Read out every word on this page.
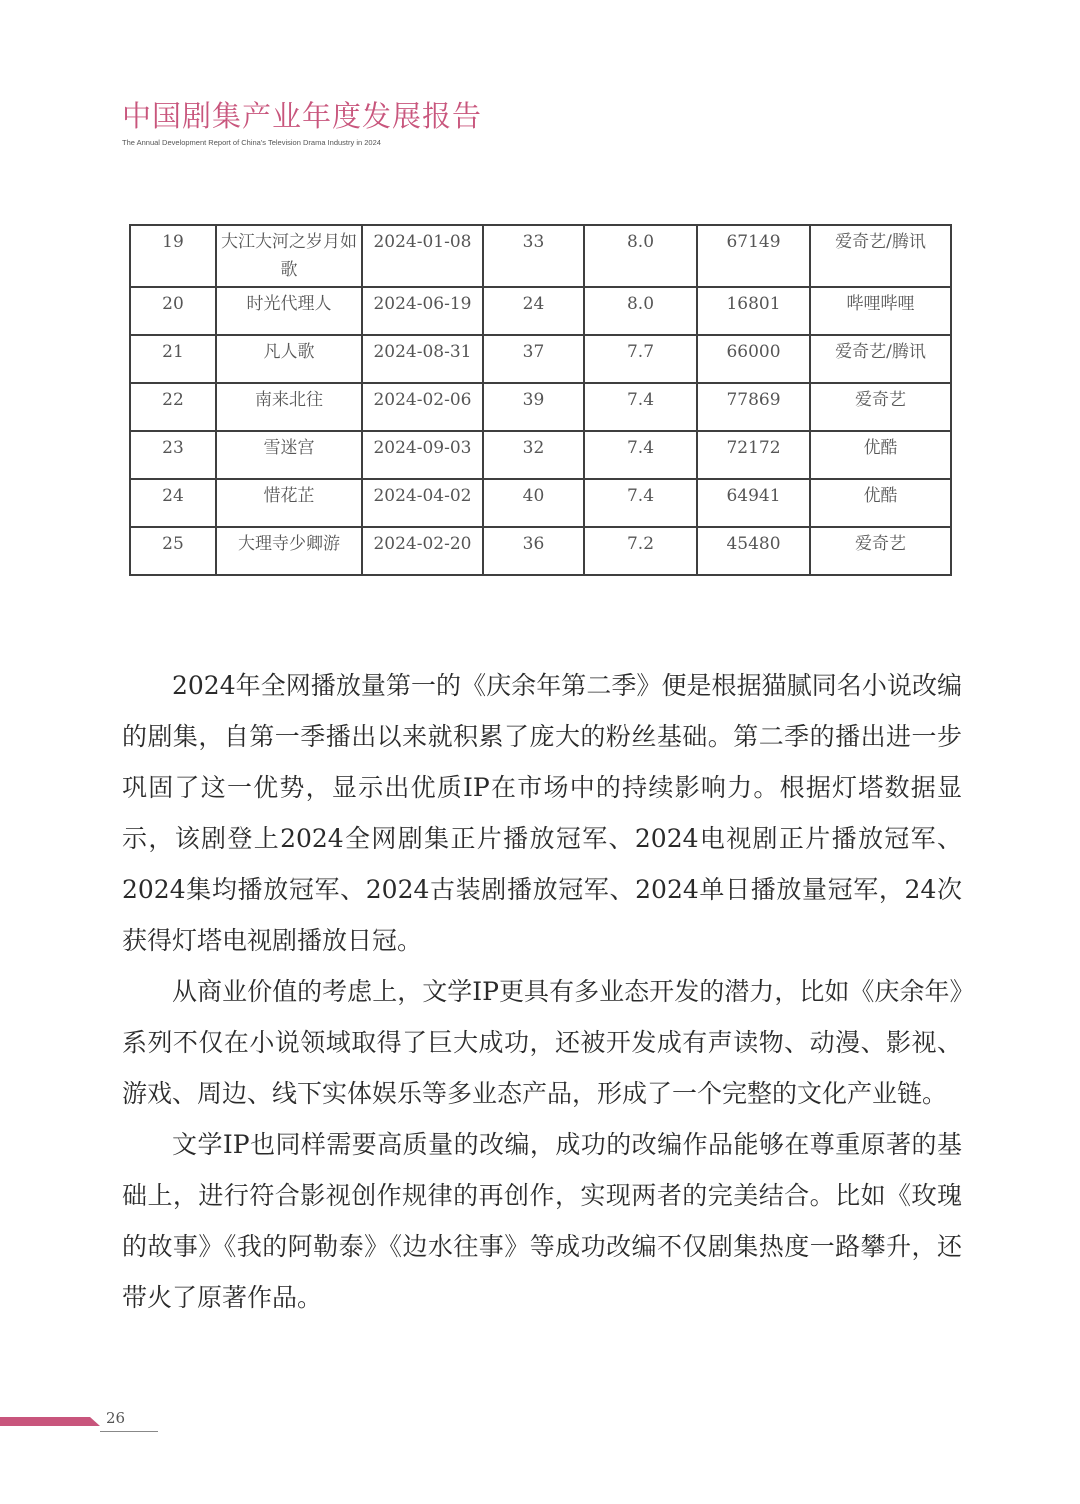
中国剧集产业年度发展报告
The Annual Development Report of China's Television Drama Industry in 2024
19	大江大河之岁月如歌	2024-01-08	33	8.0	67149	爱奇艺/腾讯
20	时光代理人	2024-06-19	24	8.0	16801	哔哩哔哩
21	凡人歌	2024-08-31	37	7.7	66000	爱奇艺/腾讯
22	南来北往	2024-02-06	39	7.4	77869	爱奇艺
23	雪迷宫	2024-09-03	32	7.4	72172	优酷
24	惜花芷	2024-04-02	40	7.4	64941	优酷
25	大理寺少卿游	2024-02-20	36	7.2	45480	爱奇艺

2024年全网播放量第一的《庆余年第二季》便是根据猫腻同名小说改编的剧集，自第一季播出以来就积累了庞大的粉丝基础。第二季的播出进一步巩固了这一优势，显示出优质IP在市场中的持续影响力。根据灯塔数据显示，该剧登上2024全网剧集正片播放冠军、2024电视剧正片播放冠军、2024集均播放冠军、2024古装剧播放冠军、2024单日播放量冠军，24次获得灯塔电视剧播放日冠。

从商业价值的考虑上，文学IP更具有多业态开发的潜力，比如《庆余年》系列不仅在小说领域取得了巨大成功，还被开发成有声读物、动漫、影视、游戏、周边、线下实体娱乐等多业态产品，形成了一个完整的文化产业链。

文学IP也同样需要高质量的改编，成功的改编作品能够在尊重原著的基础上，进行符合影视创作规律的再创作，实现两者的完美结合。比如《玫瑰的故事》《我的阿勒泰》《边水往事》等成功改编不仅剧集热度一路攀升，还带火了原著作品。

26
